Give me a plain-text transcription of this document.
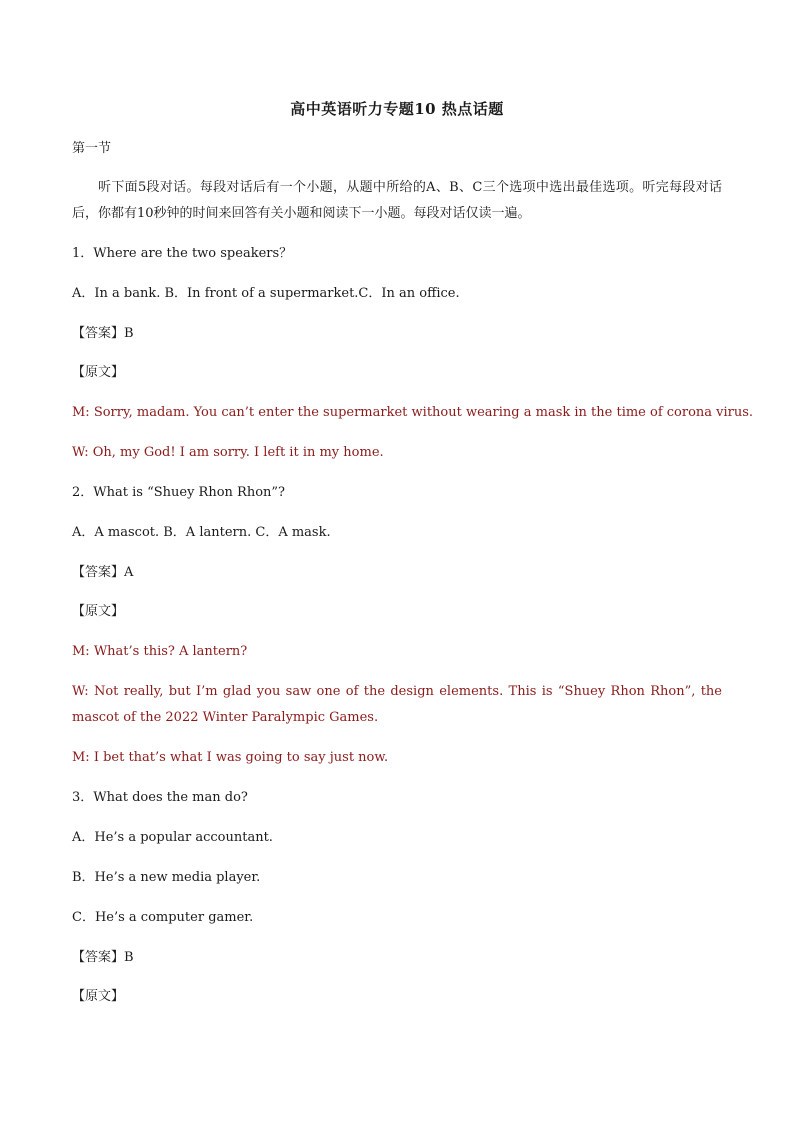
高中英语听力专题10 热点话题
第一节
听下面5段对话。每段对话后有一个小题，从题中所给的A、B、C三个选项中选出最佳选项。听完每段对话后，你都有10秒钟的时间来回答有关小题和阅读下一小题。每段对话仅读一遍。
1．Where are the two speakers？
A．In a bank. B．In front of a supermarket.C．In an office.
【答案】B
【原文】
M: Sorry, madam. You can’t enter the supermarket without wearing a mask in the time of corona virus.
W: Oh, my God! I am sorry. I left it in my home.
2．What is “Shuey Rhon Rhon”?
A．A mascot. B．A lantern. C．A mask.
【答案】A
【原文】
M: What’s this? A lantern?
W: Not really, but I’m glad you saw one of the design elements. This is “Shuey Rhon Rhon”, the mascot of the 2022 Winter Paralympic Games.
M: I bet that’s what I was going to say just now.
3．What does the man do?
A．He’s a popular accountant.
B．He’s a new media player.
C．He’s a computer gamer.
【答案】B
【原文】
